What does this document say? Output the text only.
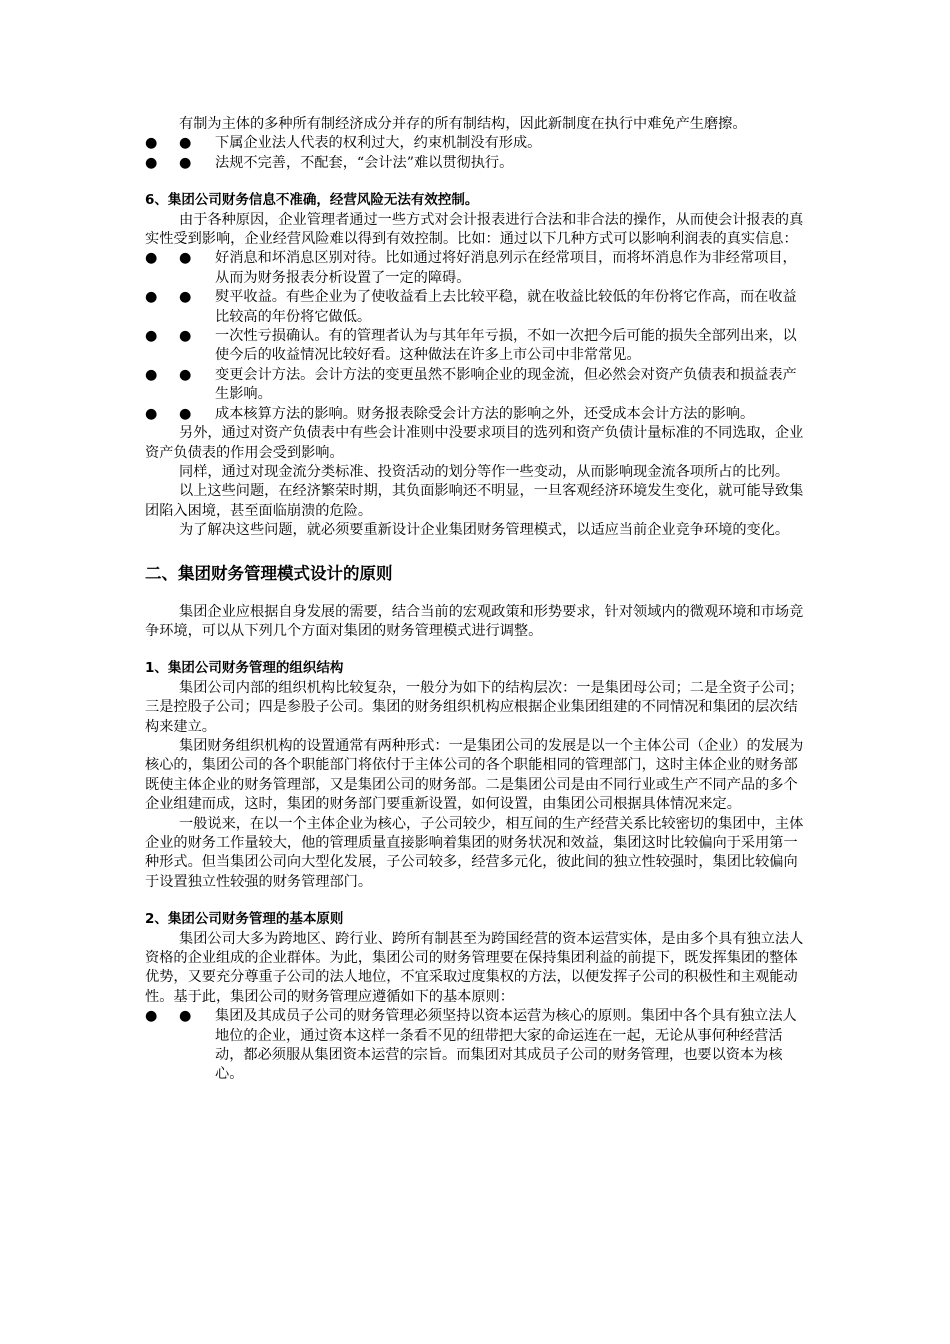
有制为主体的多种所有制经济成分并存的所有制结构，因此新制度在执行中难免产生磨擦。

● ● 下属企业法人代表的权利过大，约束机制没有形成。
● ● 法规不完善，不配套，“会计法”难以贯彻执行。

6、集团公司财务信息不准确，经营风险无法有效控制。

由于各种原因，企业管理者通过一些方式对会计报表进行合法和非合法的操作，从而使会计报表的真实性受到影响，企业经营风险难以得到有效控制。比如：通过以下几种方式可以影响利润表的真实信息：

● ● 好消息和坏消息区别对待。比如通过将好消息列示在经常项目，而将坏消息作为非经常项目，从而为财务报表分析设置了一定的障碍。
● ● 熨平收益。有些企业为了使收益看上去比较平稳，就在收益比较低的年份将它作高，而在收益比较高的年份将它做低。
● ● 一次性亏损确认。有的管理者认为与其年年亏损，不如一次把今后可能的损失全部列出来，以使今后的收益情况比较好看。这种做法在许多上市公司中非常常见。
● ● 变更会计方法。会计方法的变更虽然不影响企业的现金流，但必然会对资产负债表和损益表产生影响。
● ● 成本核算方法的影响。财务报表除受会计方法的影响之外，还受成本会计方法的影响。

另外，通过对资产负债表中有些会计准则中没要求项目的选列和资产负债计量标准的不同选取，企业资产负债表的作用会受到影响。

同样，通过对现金流分类标准、投资活动的划分等作一些变动，从而影响现金流各项所占的比列。

以上这些问题，在经济繁荣时期，其负面影响还不明显，一旦客观经济环境发生变化，就可能导致集团陷入困境，甚至面临崩溃的危险。

为了解决这些问题，就必须要重新设计企业集团财务管理模式，以适应当前企业竞争环境的变化。

二、集团财务管理模式设计的原则

集团企业应根据自身发展的需要，结合当前的宏观政策和形势要求，针对领域内的微观环境和市场竞争环境，可以从下列几个方面对集团的财务管理模式进行调整。

1、集团公司财务管理的组织结构

集团公司内部的组织机构比较复杂，一般分为如下的结构层次：一是集团母公司；二是全资子公司；三是控股子公司；四是参股子公司。集团的财务组织机构应根据企业集团组建的不同情况和集团的层次结构来建立。

集团财务组织机构的设置通常有两种形式：一是集团公司的发展是以一个主体公司（企业）的发展为核心的，集团公司的各个职能部门将依付于主体公司的各个职能相同的管理部门，这时主体企业的财务部既使主体企业的财务管理部，又是集团公司的财务部。二是集团公司是由不同行业或生产不同产品的多个企业组建而成，这时，集团的财务部门要重新设置，如何设置，由集团公司根据具体情况来定。

一般说来，在以一个主体企业为核心，子公司较少，相互间的生产经营关系比较密切的集团中，主体企业的财务工作量较大，他的管理质量直接影响着集团的财务状况和效益，集团这时比较偏向于采用第一种形式。但当集团公司向大型化发展，子公司较多，经营多元化，彼此间的独立性较强时，集团比较偏向于设置独立性较强的财务管理部门。

2、集团公司财务管理的基本原则

集团公司大多为跨地区、跨行业、跨所有制甚至为跨国经营的资本运营实体，是由多个具有独立法人资格的企业组成的企业群体。为此，集团公司的财务管理要在保持集团利益的前提下，既发挥集团的整体优势，又要充分尊重子公司的法人地位，不宜采取过度集权的方法，以便发挥子公司的积极性和主观能动性。基于此，集团公司的财务管理应遵循如下的基本原则：

● ● 集团及其成员子公司的财务管理必须坚持以资本运营为核心的原则。集团中各个具有独立法人地位的企业，通过资本这样一条看不见的纽带把大家的命运连在一起，无论从事何种经营活动，都必须服从集团资本运营的宗旨。而集团对其成员子公司的财务管理，也要以资本为核心。
